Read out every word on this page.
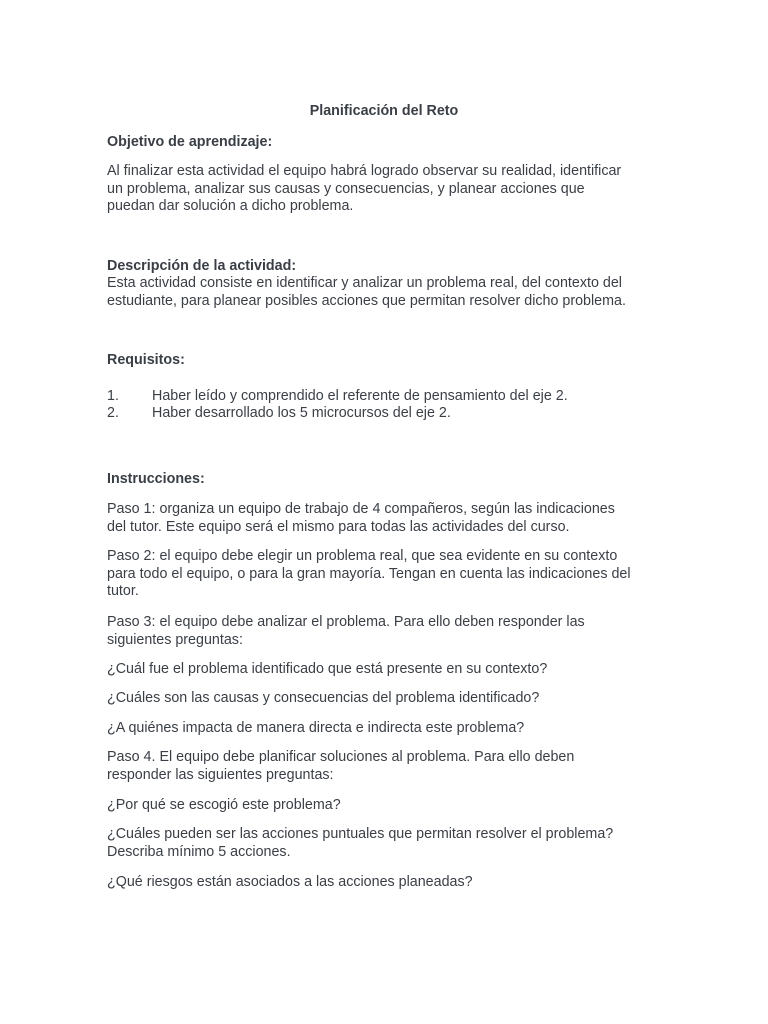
Planificación del Reto
Objetivo de aprendizaje:
Al finalizar esta actividad el equipo habrá logrado observar su realidad, identificar
un problema, analizar sus causas y consecuencias, y planear acciones que
puedan dar solución a dicho problema.
Descripción de la actividad:
Esta actividad consiste en identificar y analizar un problema real, del contexto del
estudiante, para planear posibles acciones que permitan resolver dicho problema.
Requisitos:
1. Haber leído y comprendido el referente de pensamiento del eje 2.
2. Haber desarrollado los 5 microcursos del eje 2.
Instrucciones:
Paso 1: organiza un equipo de trabajo de 4 compañeros, según las indicaciones
del tutor. Este equipo será el mismo para todas las actividades del curso.
Paso 2: el equipo debe elegir un problema real, que sea evidente en su contexto
para todo el equipo, o para la gran mayoría. Tengan en cuenta las indicaciones del
tutor.
Paso 3: el equipo debe analizar el problema. Para ello deben responder las
siguientes preguntas:
¿Cuál fue el problema identificado que está presente en su contexto?
¿Cuáles son las causas y consecuencias del problema identificado?
¿A quiénes impacta de manera directa e indirecta este problema?
Paso 4. El equipo debe planificar soluciones al problema. Para ello deben
responder las siguientes preguntas:
¿Por qué se escogió este problema?
¿Cuáles pueden ser las acciones puntuales que permitan resolver el problema?
Describa mínimo 5 acciones.
¿Qué riesgos están asociados a las acciones planeadas?
